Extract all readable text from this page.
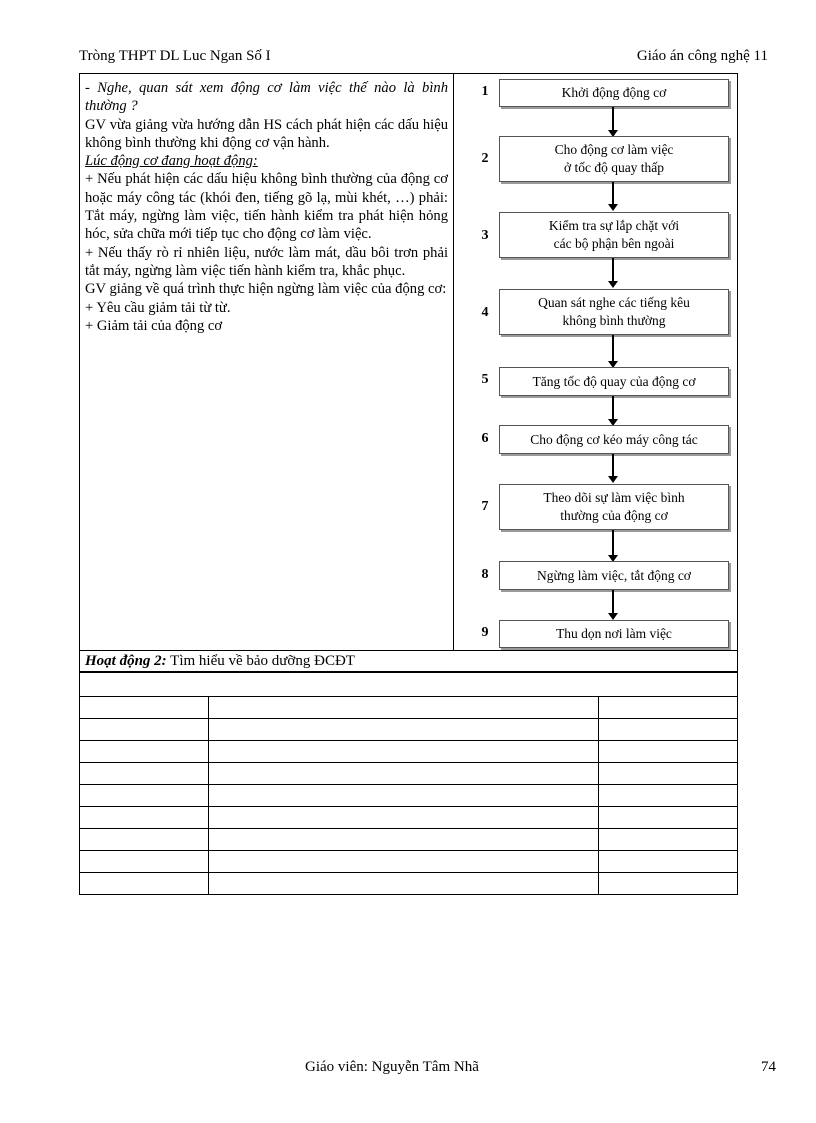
Tròng THPT DL Luc Ngan Số I	Giáo án công nghệ 11
- Nghe, quan sát xem động cơ làm việc thế nào là bình thường ?
GV vừa giảng vừa hướng dẫn HS cách phát hiện các dấu hiệu không bình thường khi động cơ vận hành.
Lúc động cơ đang hoạt động:
+ Nếu phát hiện các dấu hiệu không bình thường của động cơ hoặc máy công tác (khói đen, tiếng gõ lạ, mùi khét, …) phải: Tắt máy, ngừng làm việc, tiến hành kiểm tra phát hiện hỏng hóc, sửa chữa mới tiếp tục cho động cơ làm việc.
+ Nếu thấy rò rỉ nhiên liệu, nước làm mát, dầu bôi trơn phải tắt máy, ngừng làm việc tiến hành kiểm tra, khắc phục.
GV giảng về quá trình thực hiện ngừng làm việc của động cơ:
+ Yêu cầu giảm tải từ từ.
+ Giảm tải của động cơ
1	Khởi động động cơ
2
Cho động cơ làm việc
ở tốc độ quay thấp
3
Kiểm tra sự lắp chặt với
các bộ phận bên ngoài
4
Quan sát nghe các tiếng kêu
không bình thường
5	Tăng tốc độ quay của động cơ
6	Cho động cơ kéo máy công tác
7
Theo dõi sự làm việc bình
thường của động cơ
8	Ngừng làm việc, tắt động cơ
9	Thu dọn nơi làm việc
Hoạt động 2: Tìm hiểu về bảo dưỡng ĐCĐT

Giáo viên: Nguyễn Tâm Nhã	74
